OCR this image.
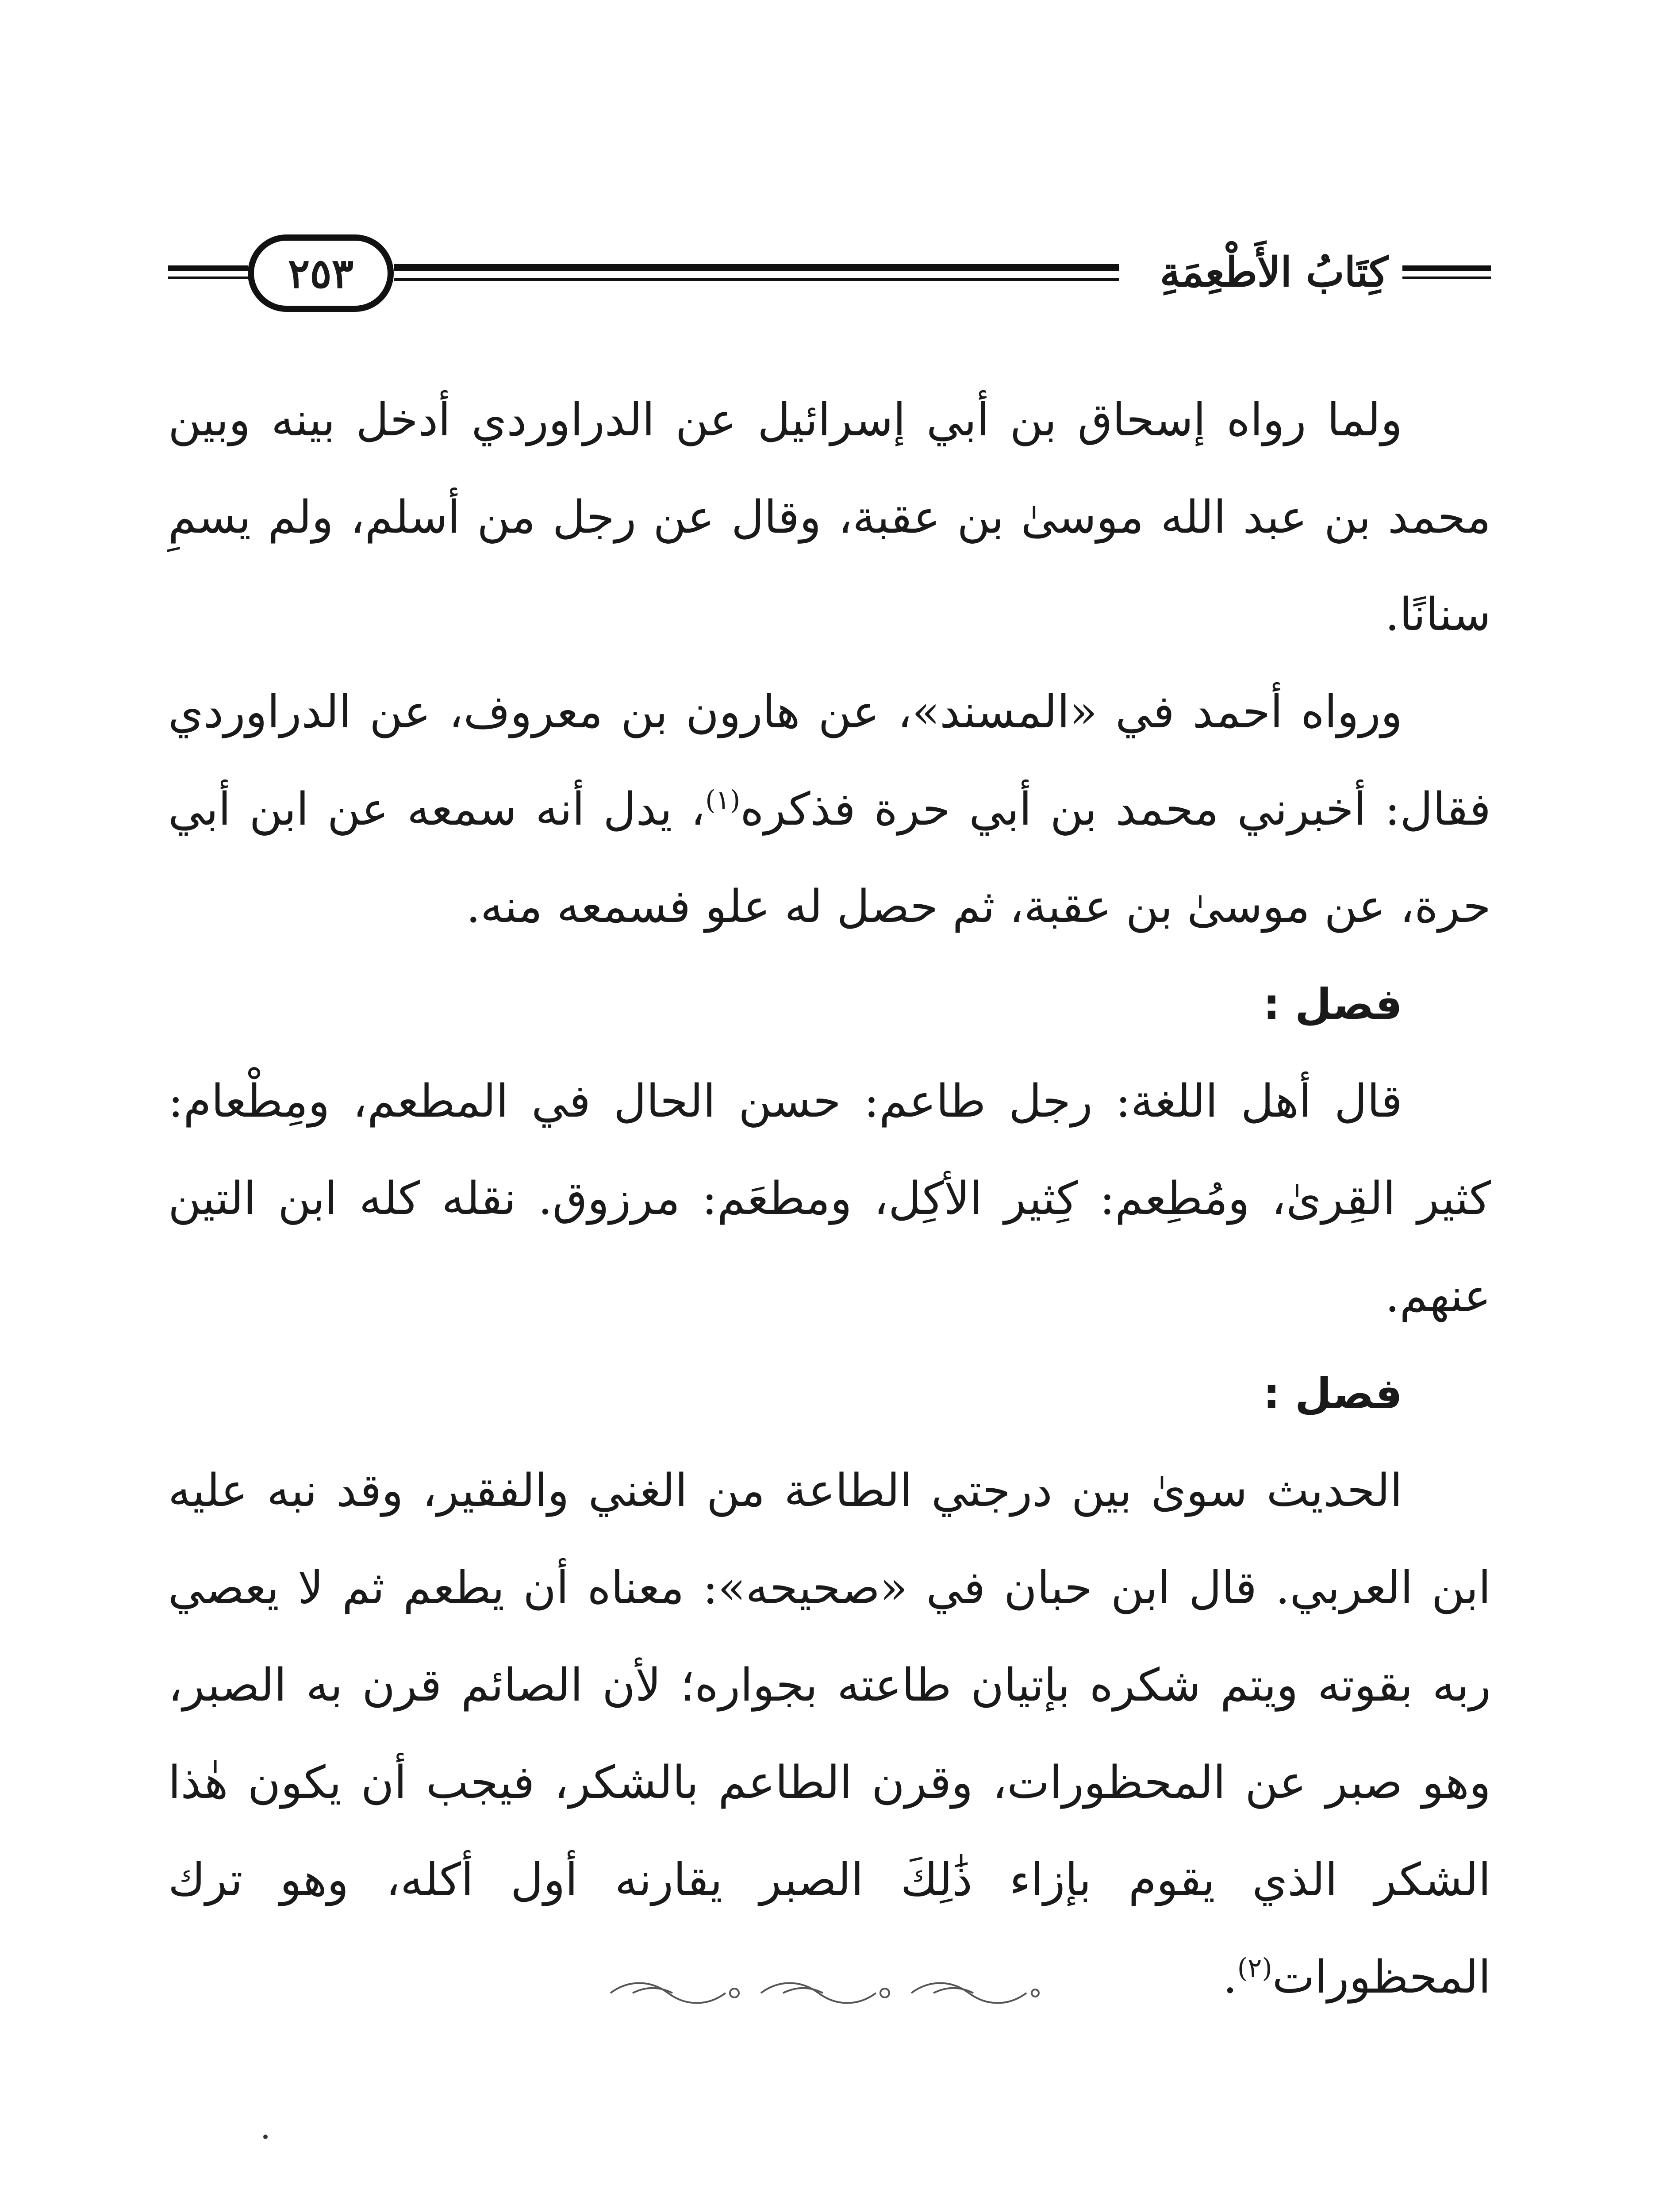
٢٥٣	كِتَابُ الأَطْعِمَةِ

ولما رواه إسحاق بن أبي إسرائيل عن الدراوردي أدخل بينه وبين محمد بن عبد الله موسىٰ بن عقبة، وقال عن رجل من أسلم، ولم يسمِ سنانًا.

ورواه أحمد في «المسند»، عن هارون بن معروف، عن الدراوردي فقال: أخبرني محمد بن أبي حرة فذكره$^{(١)}$، يدل أنه سمعه عن ابن أبي حرة، عن موسىٰ بن عقبة، ثم حصل له علو فسمعه منه.

فصل :

قال أهل اللغة: رجل طاعم: حسن الحال في المطعم، ومِطْعام: كثير القِرىٰ، ومُطِعم: كِثير الأكِل، ومطعَم: مرزوق. نقله كله ابن التين عنهم.

فصل :

الحديث سوىٰ بين درجتي الطاعة من الغني والفقير، وقد نبه عليه ابن العربي. قال ابن حبان في «صحيحه»: معناه أن يطعم ثم لا يعصي ربه بقوته ويتم شكره بإتيان طاعته بجواره؛ لأن الصائم قرن به الصبر، وهو صبر عن المحظورات، وقرن الطاعم بالشكر، فيجب أن يكون هٰذا الشكر الذي يقوم بإزاء ذَٰلِكَ الصبر يقارنه أول أكله، وهو ترك المحظورات$^{(٢)}$.
